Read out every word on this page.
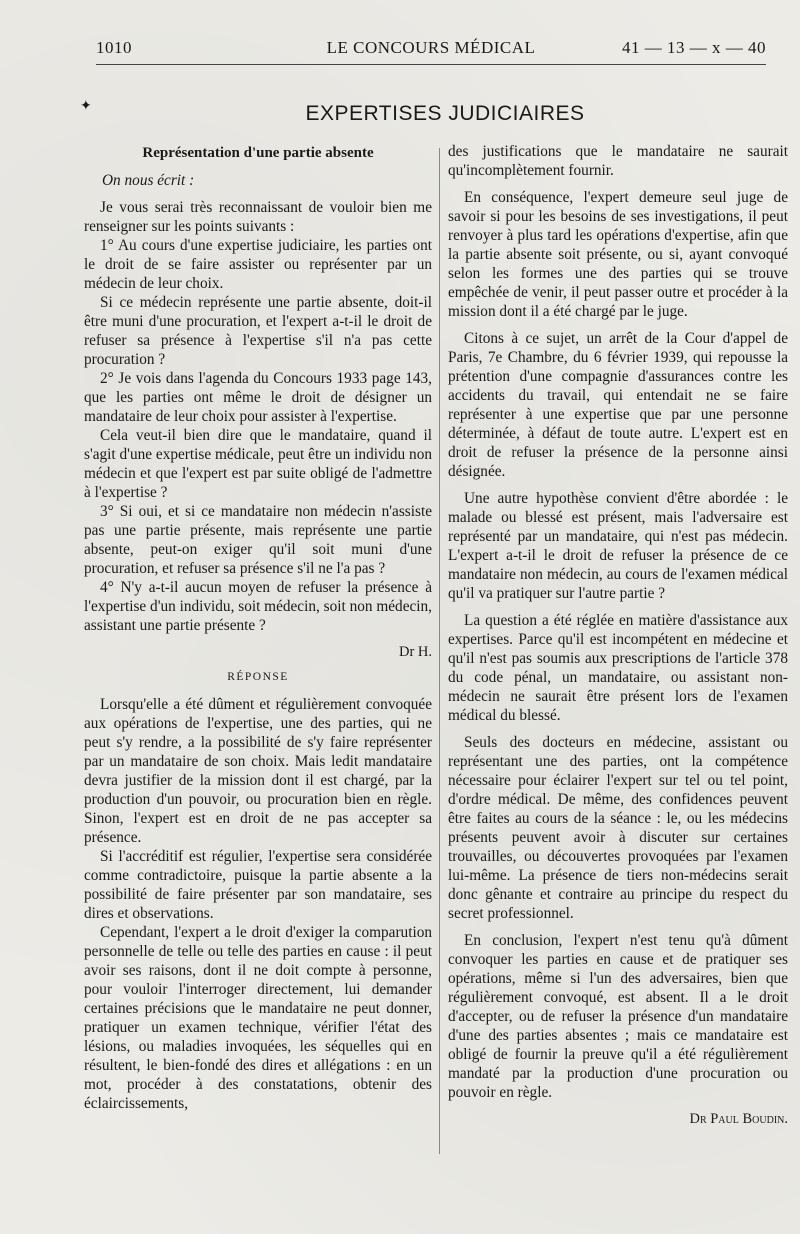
1010	LE CONCOURS MÉDICAL	41 — 13 — x — 40
✦	EXPERTISES JUDICIAIRES
Représentation d'une partie absente
On nous écrit :

Je vous serai très reconnaissant de vouloir bien me renseigner sur les points suivants :

1° Au cours d'une expertise judiciaire, les parties ont le droit de se faire assister ou représenter par un médecin de leur choix.

Si ce médecin représente une partie absente, doit-il être muni d'une procuration, et l'expert a-t-il le droit de refuser sa présence à l'expertise s'il n'a pas cette procuration ?

2° Je vois dans l'agenda du Concours 1933 page 143, que les parties ont même le droit de désigner un mandataire de leur choix pour assister à l'expertise.

Cela veut-il bien dire que le mandataire, quand il s'agit d'une expertise médicale, peut être un individu non médecin et que l'expert est par suite obligé de l'admettre à l'expertise ?

3° Si oui, et si ce mandataire non médecin n'assiste pas une partie présente, mais représente une partie absente, peut-on exiger qu'il soit muni d'une procuration, et refuser sa présence s'il ne l'a pas ?

4° N'y a-t-il aucun moyen de refuser la présence à l'expertise d'un individu, soit médecin, soit non médecin, assistant une partie présente ?

Dr H.
RÉPONSE

Lorsqu'elle a été dûment et régulièrement convoquée aux opérations de l'expertise, une des parties, qui ne peut s'y rendre, a la possibilité de s'y faire représenter par un mandataire de son choix. Mais ledit mandataire devra justifier de la mission dont il est chargé, par la production d'un pouvoir, ou procuration bien en règle. Sinon, l'expert est en droit de ne pas accepter sa présence.

Si l'accréditif est régulier, l'expertise sera considérée comme contradictoire, puisque la partie absente a la possibilité de faire présenter par son mandataire, ses dires et observations.

Cependant, l'expert a le droit d'exiger la comparution personnelle de telle ou telle des parties en cause : il peut avoir ses raisons, dont il ne doit compte à personne, pour vouloir l'interroger directement, lui demander certaines précisions que le mandataire ne peut donner, pratiquer un examen technique, vérifier l'état des lésions, ou maladies invoquées, les séquelles qui en résultent, le bien-fondé des dires et allégations : en un mot, procéder à des constatations, obtenir des éclaircissements,

des justifications que le mandataire ne saurait qu'incomplètement fournir.

En conséquence, l'expert demeure seul juge de savoir si pour les besoins de ses investigations, il peut renvoyer à plus tard les opérations d'expertise, afin que la partie absente soit présente, ou si, ayant convoqué selon les formes une des parties qui se trouve empêchée de venir, il peut passer outre et procéder à la mission dont il a été chargé par le juge.

Citons à ce sujet, un arrêt de la Cour d'appel de Paris, 7e Chambre, du 6 février 1939, qui repousse la prétention d'une compagnie d'assurances contre les accidents du travail, qui entendait ne se faire représenter à une expertise que par une personne déterminée, à défaut de toute autre. L'expert est en droit de refuser la présence de la personne ainsi désignée.

Une autre hypothèse convient d'être abordée : le malade ou blessé est présent, mais l'adversaire est représenté par un mandataire, qui n'est pas médecin. L'expert a-t-il le droit de refuser la présence de ce mandataire non médecin, au cours de l'examen médical qu'il va pratiquer sur l'autre partie ?

La question a été réglée en matière d'assistance aux expertises. Parce qu'il est incompétent en médecine et qu'il n'est pas soumis aux prescriptions de l'article 378 du code pénal, un mandataire, ou assistant non-médecin ne saurait être présent lors de l'examen médical du blessé.

Seuls des docteurs en médecine, assistant ou représentant une des parties, ont la compétence nécessaire pour éclairer l'expert sur tel ou tel point, d'ordre médical. De même, des confidences peuvent être faites au cours de la séance : le, ou les médecins présents peuvent avoir à discuter sur certaines trouvailles, ou découvertes provoquées par l'examen lui-même. La présence de tiers non-médecins serait donc gênante et contraire au principe du respect du secret professionnel.

En conclusion, l'expert n'est tenu qu'à dûment convoquer les parties en cause et de pratiquer ses opérations, même si l'un des adversaires, bien que régulièrement convoqué, est absent. Il a le droit d'accepter, ou de refuser la présence d'un mandataire d'une des parties absentes ; mais ce mandataire est obligé de fournir la preuve qu'il a été régulièrement mandaté par la production d'une procuration ou pouvoir en règle.

Dr Paul Boudin.
